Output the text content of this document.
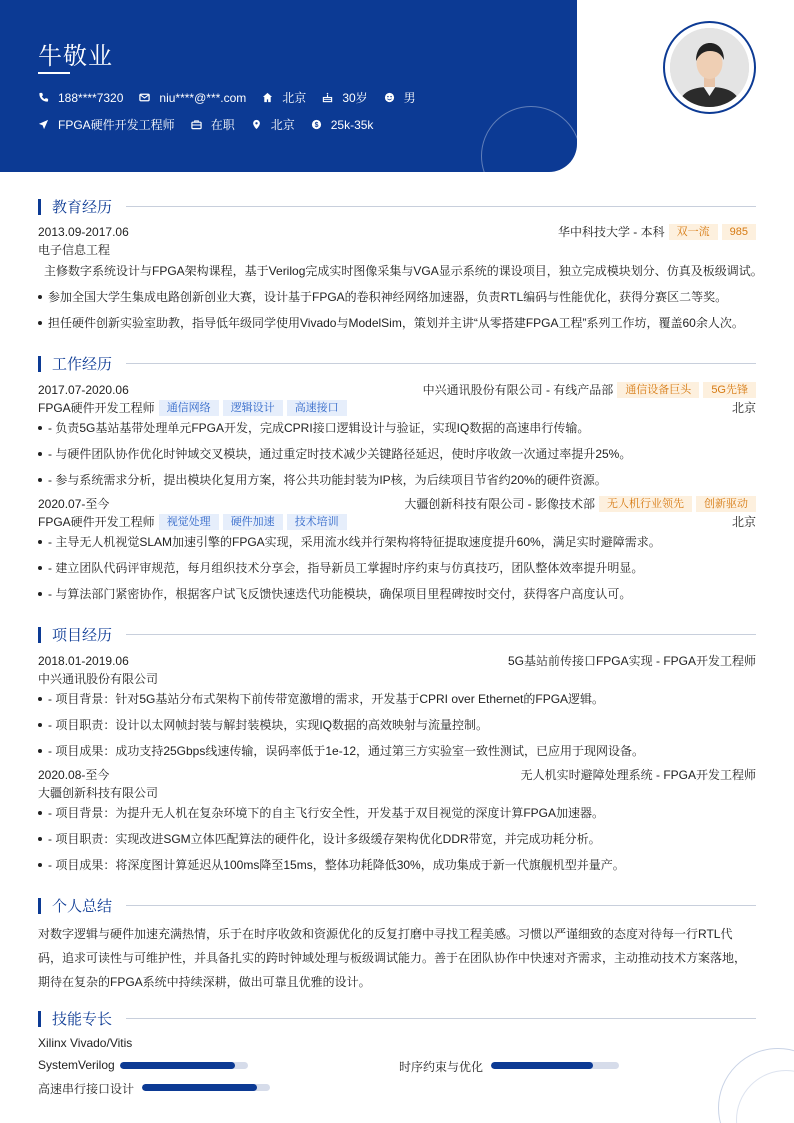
牛敬业
188****7320	niu****@***.com	北京	30岁	男
FPGA硬件开发工程师	在职	北京	$ 25k-35k
教育经历
2013.09-2017.06	华中科技大学 - 本科	双一流	985
电子信息工程
主修数字系统设计与FPGA架构课程，基于Verilog完成实时图像采集与VGA显示系统的课设项目，独立完成模块划分、仿真及板级调试。
参加全国大学生集成电路创新创业大赛，设计基于FPGA的卷积神经网络加速器，负责RTL编码与性能优化，获得分赛区二等奖。
担任硬件创新实验室助教，指导低年级同学使用Vivado与ModelSim，策划并主讲“从零搭建FPGA工程”系列工作坊，覆盖60余人次。
工作经历
2017.07-2020.06	中兴通讯股份有限公司 - 有线产品部	通信设备巨头	5G先锋
FPGA硬件开发工程师	通信网络	逻辑设计	高速接口	北京
- 负责5G基站基带处理单元FPGA开发，完成CPRI接口逻辑设计与验证，实现IQ数据的高速串行传输。
- 与硬件团队协作优化时钟域交叉模块，通过重定时技术减少关键路径延迟，使时序收敛一次通过率提升25%。
- 参与系统需求分析，提出模块化复用方案，将公共功能封装为IP核，为后续项目节省约20%的硬件资源。
2020.07-至今	大疆创新科技有限公司 - 影像技术部	无人机行业领先	创新驱动
FPGA硬件开发工程师	视觉处理	硬件加速	技术培训	北京
- 主导无人机视觉SLAM加速引擎的FPGA实现，采用流水线并行架构将特征提取速度提升60%，满足实时避障需求。
- 建立团队代码评审规范，每月组织技术分享会，指导新员工掌握时序约束与仿真技巧，团队整体效率提升明显。
- 与算法部门紧密协作，根据客户试飞反馈快速迭代功能模块，确保项目里程碑按时交付，获得客户高度认可。
项目经历
2018.01-2019.06	5G基站前传接口FPGA实现 - FPGA开发工程师
中兴通讯股份有限公司
- 项目背景：针对5G基站分布式架构下前传带宽激增的需求，开发基于CPRI over Ethernet的FPGA逻辑。
- 项目职责：设计以太网帧封装与解封装模块，实现IQ数据的高效映射与流量控制。
- 项目成果：成功支持25Gbps线速传输，误码率低于1e-12，通过第三方实验室一致性测试，已应用于现网设备。
2020.08-至今	无人机实时避障处理系统 - FPGA开发工程师
大疆创新科技有限公司
- 项目背景：为提升无人机在复杂环境下的自主飞行安全性，开发基于双目视觉的深度计算FPGA加速器。
- 项目职责：实现改进SGM立体匹配算法的硬件化，设计多级缓存架构优化DDR带宽，并完成功耗分析。
- 项目成果：将深度图计算延迟从100ms降至15ms，整体功耗降低30%，成功集成于新一代旗舰机型并量产。
个人总结
对数字逻辑与硬件加速充满热情，乐于在时序收敛和资源优化的反复打磨中寻找工程美感。习惯以严谨细致的态度对待每一行RTL代码，追求可读性与可维护性，并具备扎实的跨时钟域处理与板级调试能力。善于在团队协作中快速对齐需求，主动推动技术方案落地，期待在复杂的FPGA系统中持续深耕，做出可靠且优雅的设计。
技能专长
Xilinx Vivado/Vitis
SystemVerilog	时序约束与优化
高速串行接口设计
